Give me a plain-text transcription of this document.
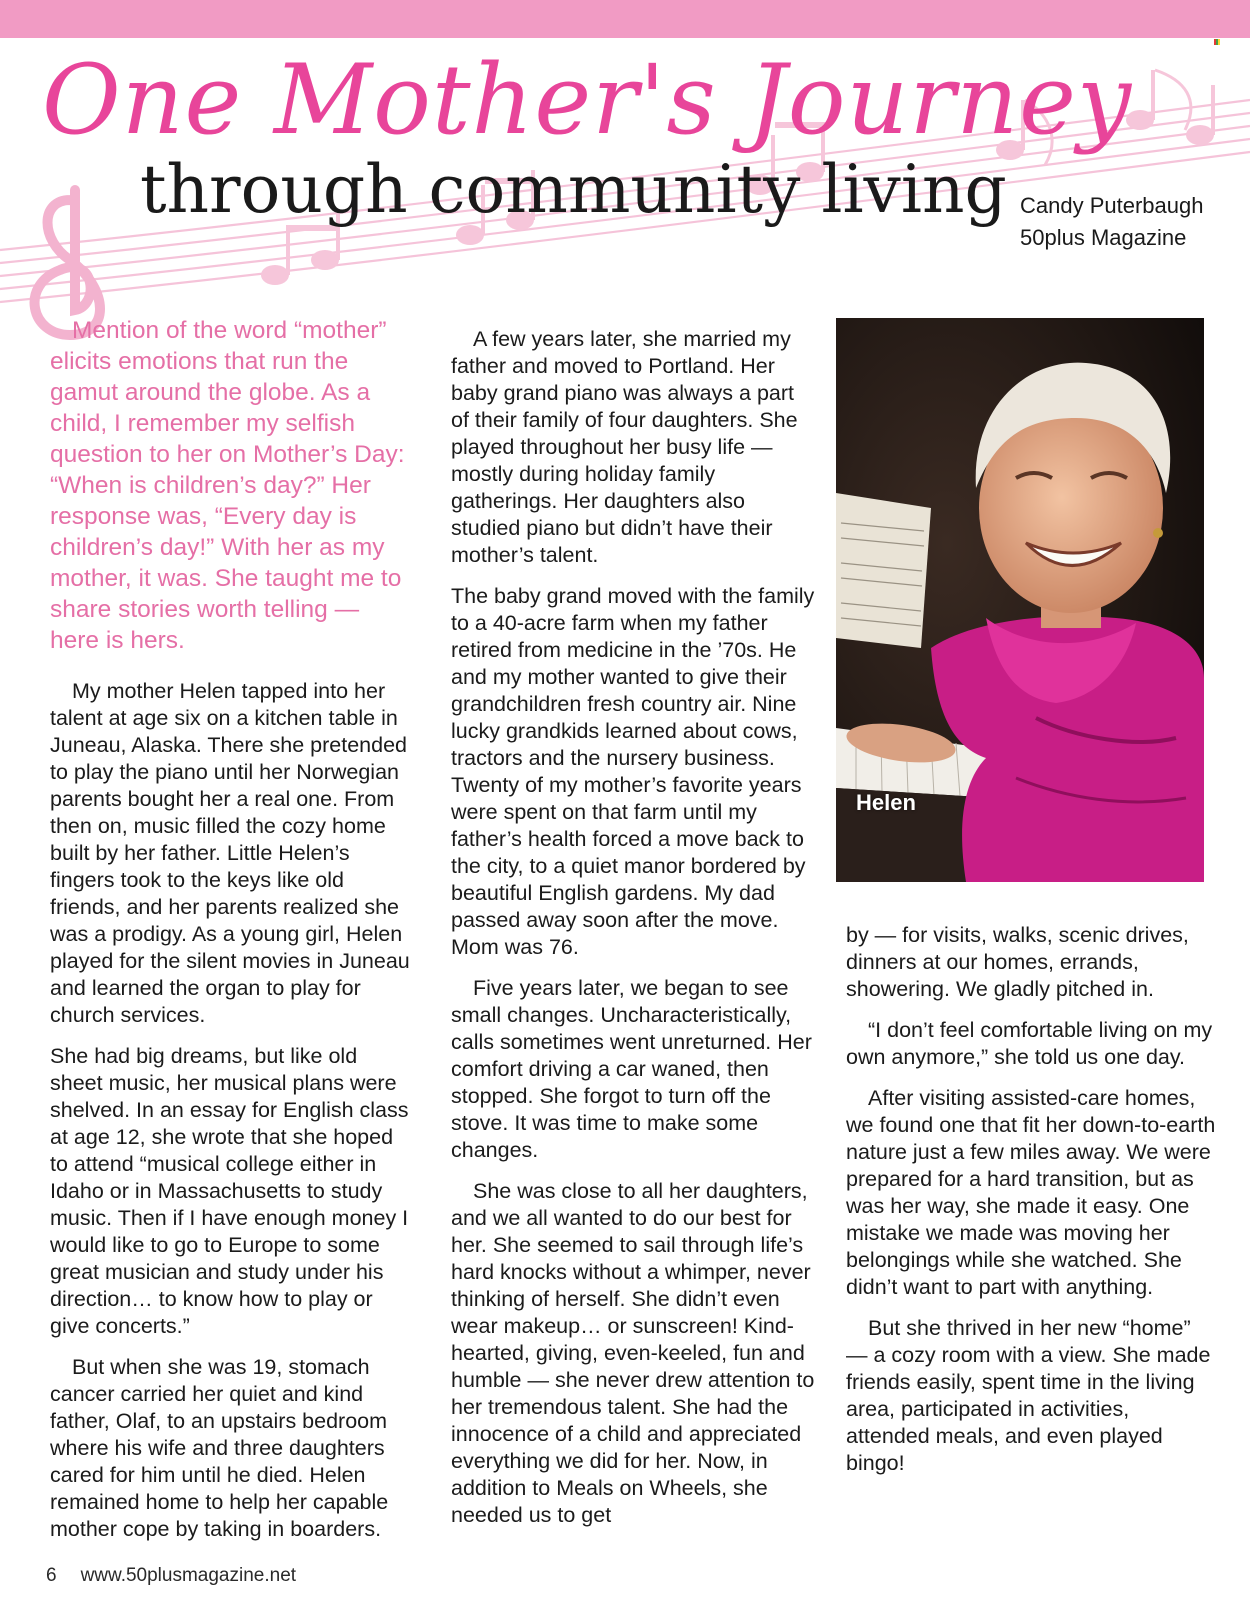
One Mother's Journey
through community living Candy Puterbaugh
50plus Magazine

Mention of the word “mother” elicits emotions that run the gamut around the globe. As a child, I remember my selfish question to her on Mother’s Day: “When is children’s day?” Her response was, “Every day is children’s day!” With her as my mother, it was. She taught me to share stories worth telling — here is hers.

My mother Helen tapped into her talent at age six on a kitchen table in Juneau, Alaska. There she pretended to play the piano until her Norwegian parents bought her a real one. From then on, music filled the cozy home built by her father. Little Helen’s fingers took to the keys like old friends, and her parents realized she was a prodigy. As a young girl, Helen played for the silent movies in Juneau and learned the organ to play for church services.

She had big dreams, but like old sheet music, her musical plans were shelved. In an essay for English class at age 12, she wrote that she hoped to attend “musical college either in Idaho or in Massachusetts to study music. Then if I have enough money I would like to go to Europe to some great musician and study under his direction… to know how to play or give concerts.”

But when she was 19, stomach cancer carried her quiet and kind father, Olaf, to an upstairs bedroom where his wife and three daughters cared for him until he died. Helen remained home to help her capable mother cope by taking in boarders.

A few years later, she married my father and moved to Portland. Her baby grand piano was always a part of their family of four daughters. She played throughout her busy life — mostly during holiday family gatherings. Her daughters also studied piano but didn’t have their mother’s talent.

The baby grand moved with the family to a 40-acre farm when my father retired from medicine in the ’70s. He and my mother wanted to give their grandchildren fresh country air. Nine lucky grandkids learned about cows, tractors and the nursery business. Twenty of my mother’s favorite years were spent on that farm until my father’s health forced a move back to the city, to a quiet manor bordered by beautiful English gardens. My dad passed away soon after the move. Mom was 76.

Five years later, we began to see small changes. Uncharacteristically, calls sometimes went unreturned. Her comfort driving a car waned, then stopped. She forgot to turn off the stove. It was time to make some changes.

She was close to all her daughters, and we all wanted to do our best for her. She seemed to sail through life’s hard knocks without a whimper, never thinking of herself. She didn’t even wear makeup… or sunscreen! Kind-hearted, giving, even-keeled, fun and humble — she never drew attention to her tremendous talent. She had the innocence of a child and appreciated everything we did for her. Now, in addition to Meals on Wheels, she needed us to get

Helen

by — for visits, walks, scenic drives, dinners at our homes, errands, showering. We gladly pitched in.

“I don’t feel comfortable living on my own anymore,” she told us one day.

After visiting assisted-care homes, we found one that fit her down-to-earth nature just a few miles away. We were prepared for a hard transition, but as was her way, she made it easy. One mistake we made was moving her belongings while she watched. She didn’t want to part with anything.

But she thrived in her new “home” — a cozy room with a view. She made friends easily, spent time in the living area, participated in activities, attended meals, and even played bingo!

6 www.50plusmagazine.net
